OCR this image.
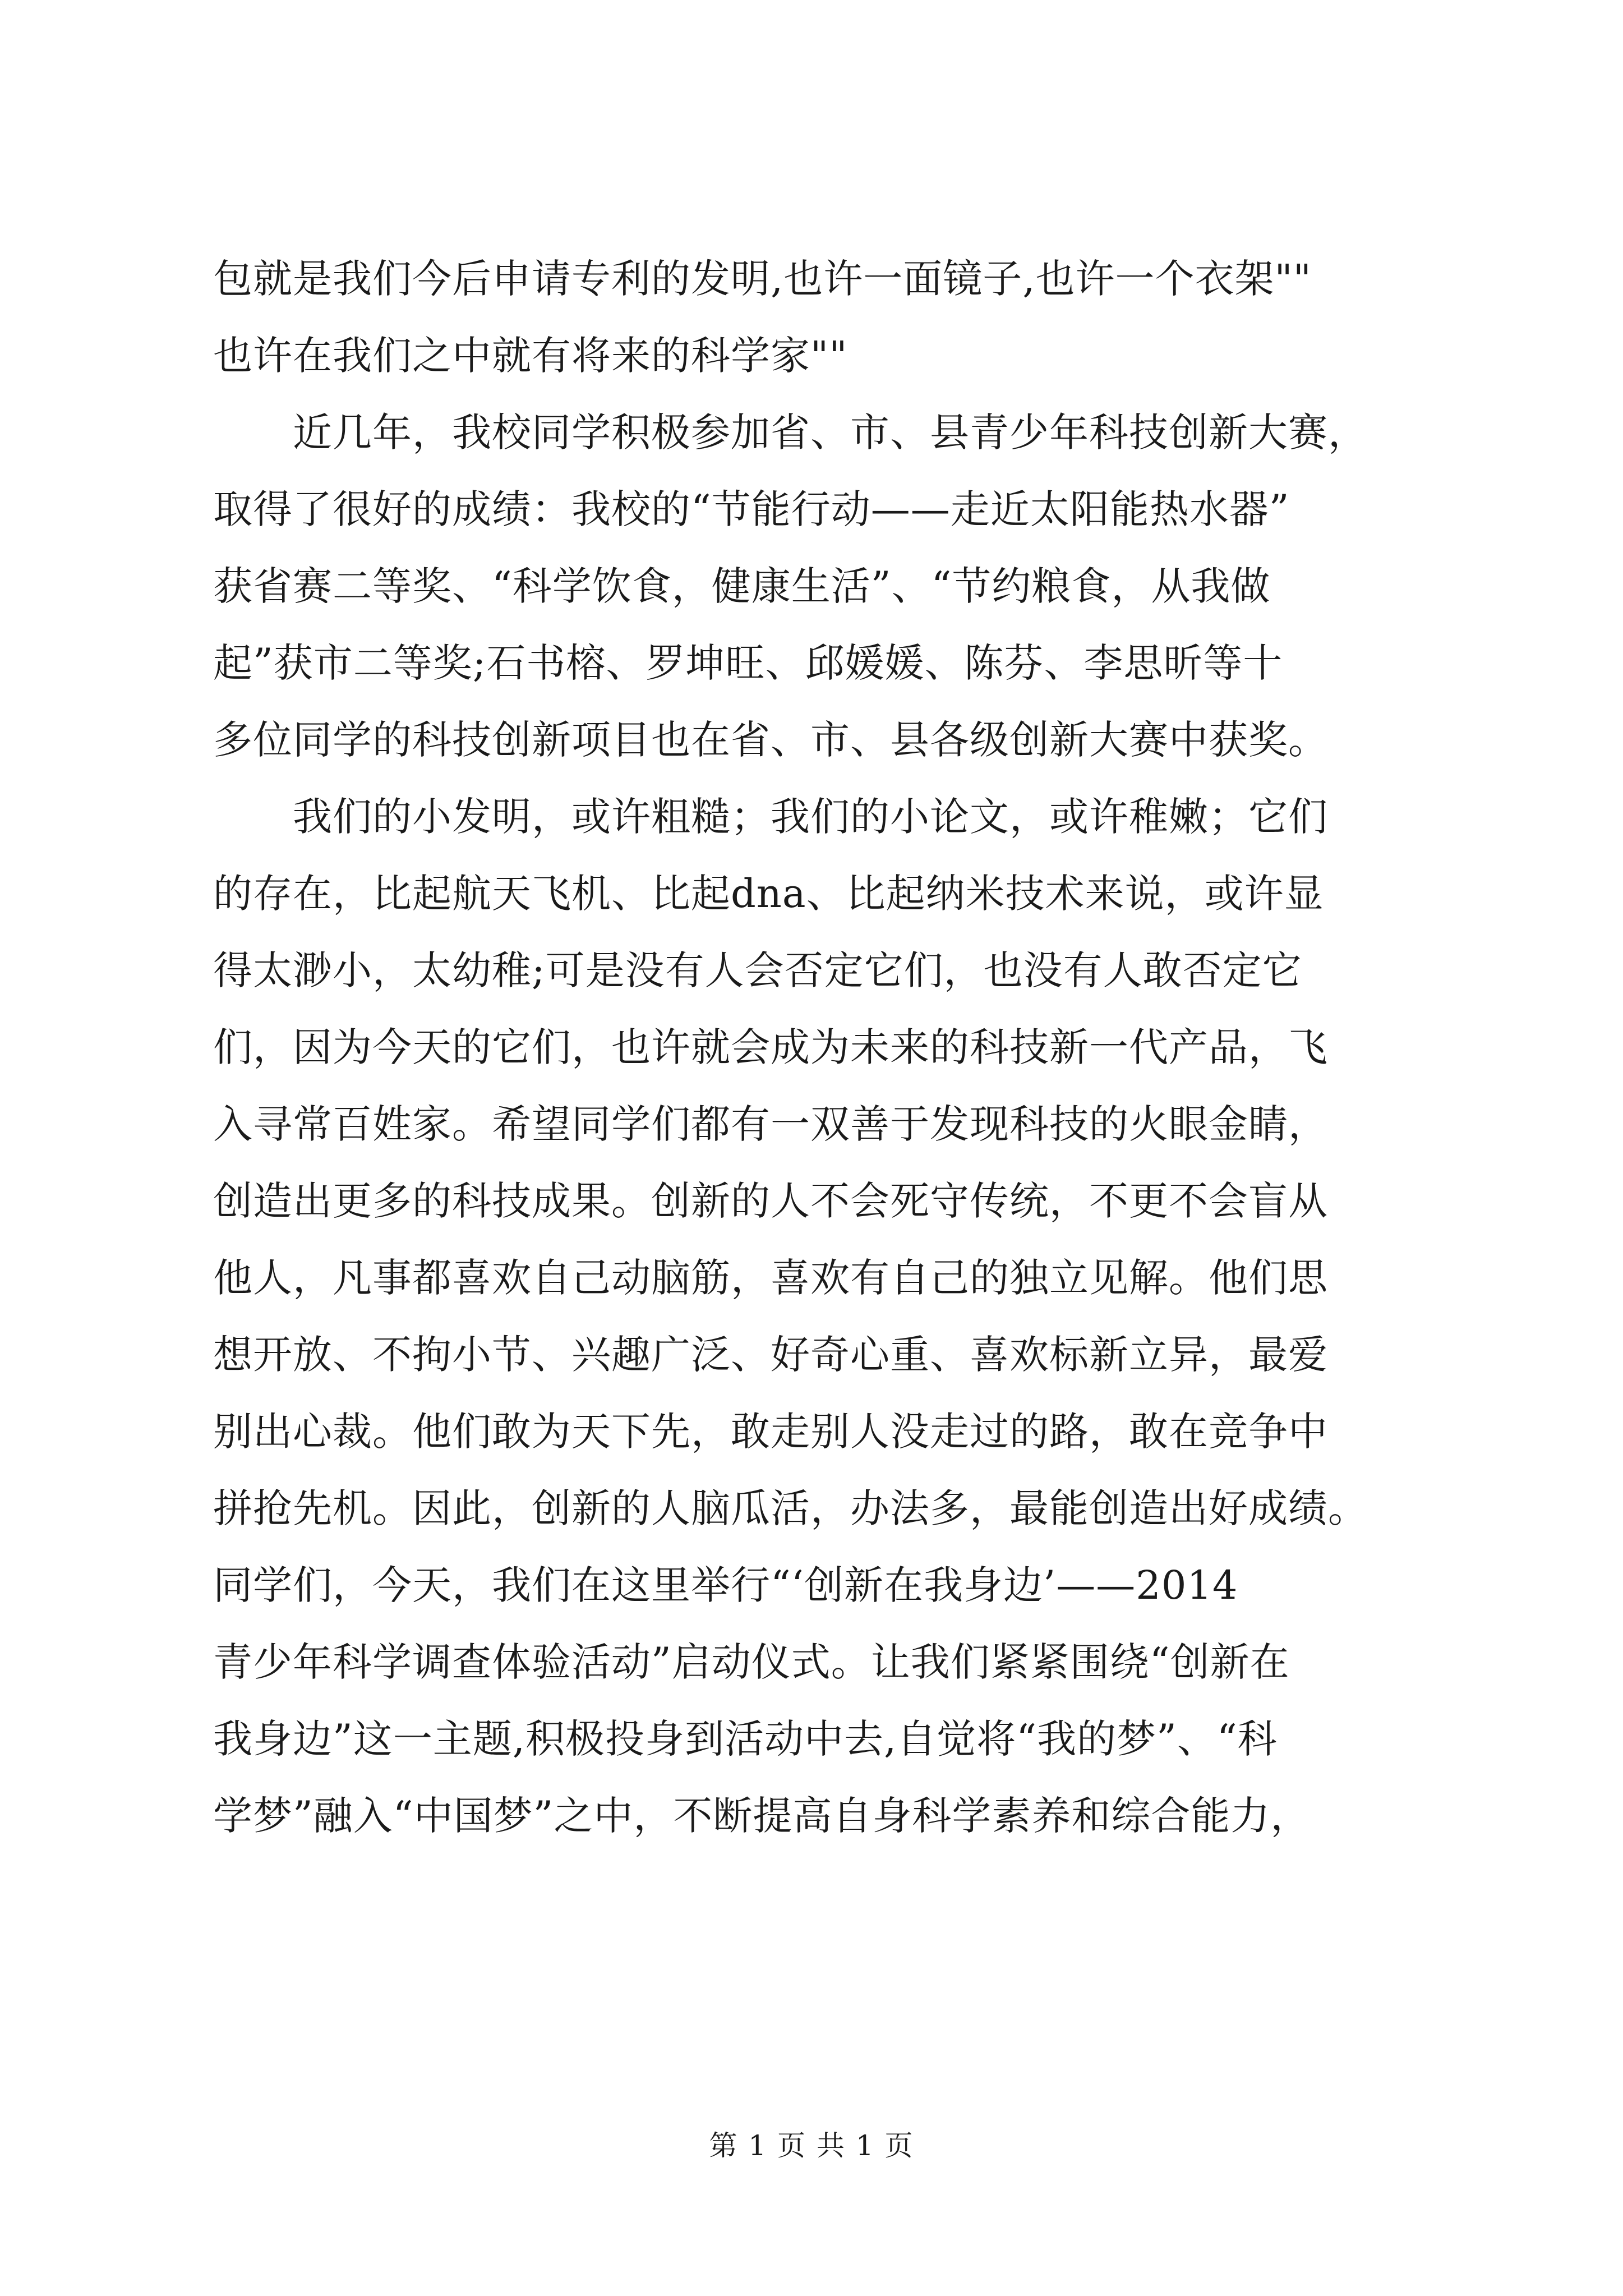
包就是我们今后申请专利的发明,也许一面镜子,也许一个衣架""
也许在我们之中就有将来的科学家""
　　近几年，我校同学积极参加省、市、县青少年科技创新大赛，
取得了很好的成绩：我校的“节能行动——走近太阳能热水器”
获省赛二等奖、“科学饮食，健康生活”、“节约粮食，从我做
起”获市二等奖;石书榕、罗坤旺、邱媛媛、陈芬、李思昕等十
多位同学的科技创新项目也在省、市、县各级创新大赛中获奖。
　　我们的小发明，或许粗糙；我们的小论文，或许稚嫩；它们
的存在，比起航天飞机、比起dna、比起纳米技术来说，或许显
得太渺小，太幼稚;可是没有人会否定它们，也没有人敢否定它
们，因为今天的它们，也许就会成为未来的科技新一代产品，飞
入寻常百姓家。希望同学们都有一双善于发现科技的火眼金睛，
创造出更多的科技成果。创新的人不会死守传统，不更不会盲从
他人，凡事都喜欢自己动脑筋，喜欢有自己的独立见解。他们思
想开放、不拘小节、兴趣广泛、好奇心重、喜欢标新立异，最爱
别出心裁。他们敢为天下先，敢走别人没走过的路，敢在竞争中
拼抢先机。因此，创新的人脑瓜活，办法多，最能创造出好成绩。
同学们，今天，我们在这里举行“‘创新在我身边’——2014
青少年科学调查体验活动”启动仪式。让我们紧紧围绕“创新在
我身边”这一主题,积极投身到活动中去,自觉将“我的梦”、“科
学梦”融入“中国梦”之中，不断提高自身科学素养和综合能力，
第 1 页 共 1 页
